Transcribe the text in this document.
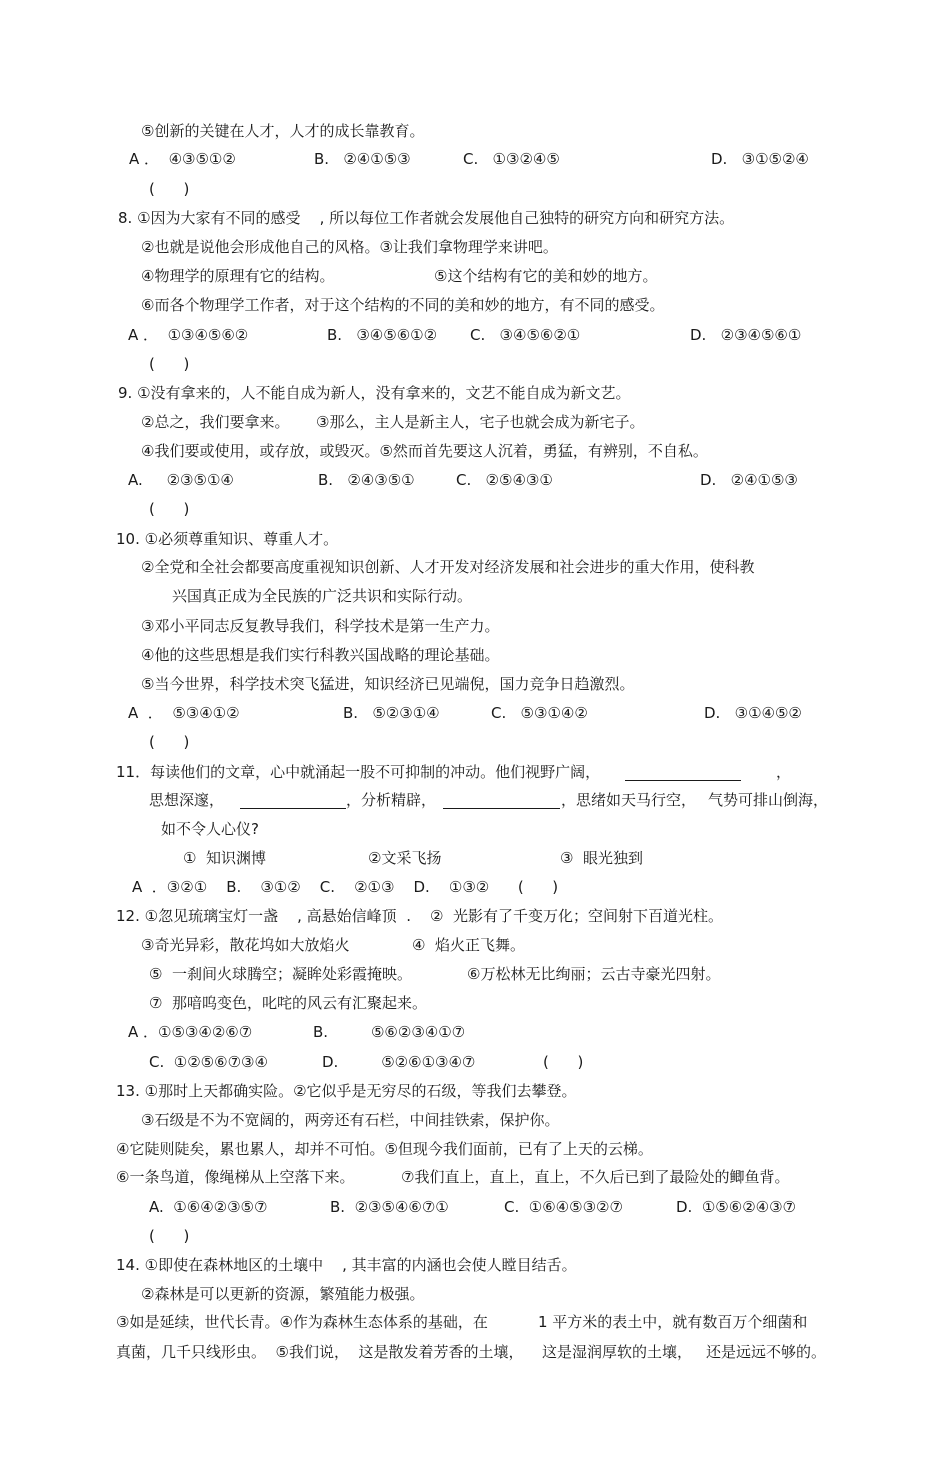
⑤创新的关键在人才，人才的成长靠教育。
A ．  ④③⑤①②	B.   ②④①⑤③	C.   ①③②④⑤	D.   ③①⑤②④
(      )
8. ①因为大家有不同的感受    , 所以每位工作者就会发展他自己独特的研究方向和研究方法。
②也就是说他会形成他自己的风格。③让我们拿物理学来讲吧。
④物理学的原理有它的结构。	⑤这个结构有它的美和妙的地方。
⑥而各个物理学工作者，对于这个结构的不同的美和妙的地方，有不同的感受。
A ．  ①③④⑤⑥②	B.   ③④⑤⑥①② C.   ③④⑤⑥②①	D.   ②③④⑤⑥①
(      )
9. ①没有拿来的，人不能自成为新人，没有拿来的，文艺不能自成为新文艺。
②总之，我们要拿来。 ③那么，主人是新主人，宅子也就会成为新宅子。
④我们要或使用，或存放，或毁灭。⑤然而首先要这人沉着，勇猛，有辨别，不自私。
A.     ②③⑤①④	B.   ②④③⑤①	C.   ②⑤④③①	D.   ②④①⑤③
(      )
10. ①必须尊重知识、尊重人才。
②全党和全社会都要高度重视知识创新、人才开发对经济发展和社会进步的重大作用，使科教
兴国真正成为全民族的广泛共识和实际行动。
③邓小平同志反复教导我们，科学技术是第一生产力。
④他的这些思想是我们实行科教兴国战略的理论基础。
⑤当今世界，科学技术突飞猛进，知识经济已见端倪，国力竞争日趋激烈。
A  ．  ⑤③④①②	B.   ⑤②③①④	C.   ⑤③①④②	D.   ③①④⑤②
(      )
11．每读他们的文章，心中就涌起一股不可抑制的冲动。他们视野广阔，	，
思想深邃，	，分析精辟，	，思绪如天马行空， 气势可排山倒海，
如不令人心仪?
①  知识渊博	②文采飞扬	③  眼光独到
A  ．③②①    B.    ③①②    C.    ②①③    D.    ①③②      (      )
12. ①忽见琉璃宝灯一盏    , 高悬始信峰顶  .    ②  光影有了千变万化；空间射下百道光柱。
③奇光异彩，散花坞如大放焰火	④  焰火正飞舞。
⑤  一刹间火球腾空；凝眸处彩霞掩映。	⑥万松林无比绚丽；云古寺豪光四射。
⑦  那喑呜变色，叱咤的风云有汇聚起来。
A ．①⑤③④②⑥⑦	B.         ⑤⑥②③④①⑦
C.  ①②⑤⑥⑦③④	D.         ⑤②⑥①③④⑦	(      )
13. ①那时上天都确实险。②它似乎是无穷尽的石级，等我们去攀登。
③石级是不为不宽阔的，两旁还有石栏，中间挂铁索，保护你。
④它陡则陡矣，累也累人，却并不可怕。⑤但现今我们面前，已有了上天的云梯。
⑥一条鸟道，像绳梯从上空落下来。	⑦我们直上，直上，直上，不久后已到了最险处的鲫鱼背。
A.  ①⑥④②③⑤⑦	B.  ②③⑤④⑥⑦①	C.  ①⑥④⑤③②⑦	D.  ①⑤⑥②④③⑦
(      )
14. ①即使在森林地区的土壤中    , 其丰富的内涵也会使人瞠目结舌。
②森林是可以更新的资源，繁殖能力极强。
③如是延续，世代长青。④作为森林生态体系的基础，在	1 平方米的表土中，就有数百万个细菌和
真菌，几千只线形虫。  ⑤我们说，  这是散发着芳香的土壤， 这是湿润厚软的土壤， 还是远远不够的。
